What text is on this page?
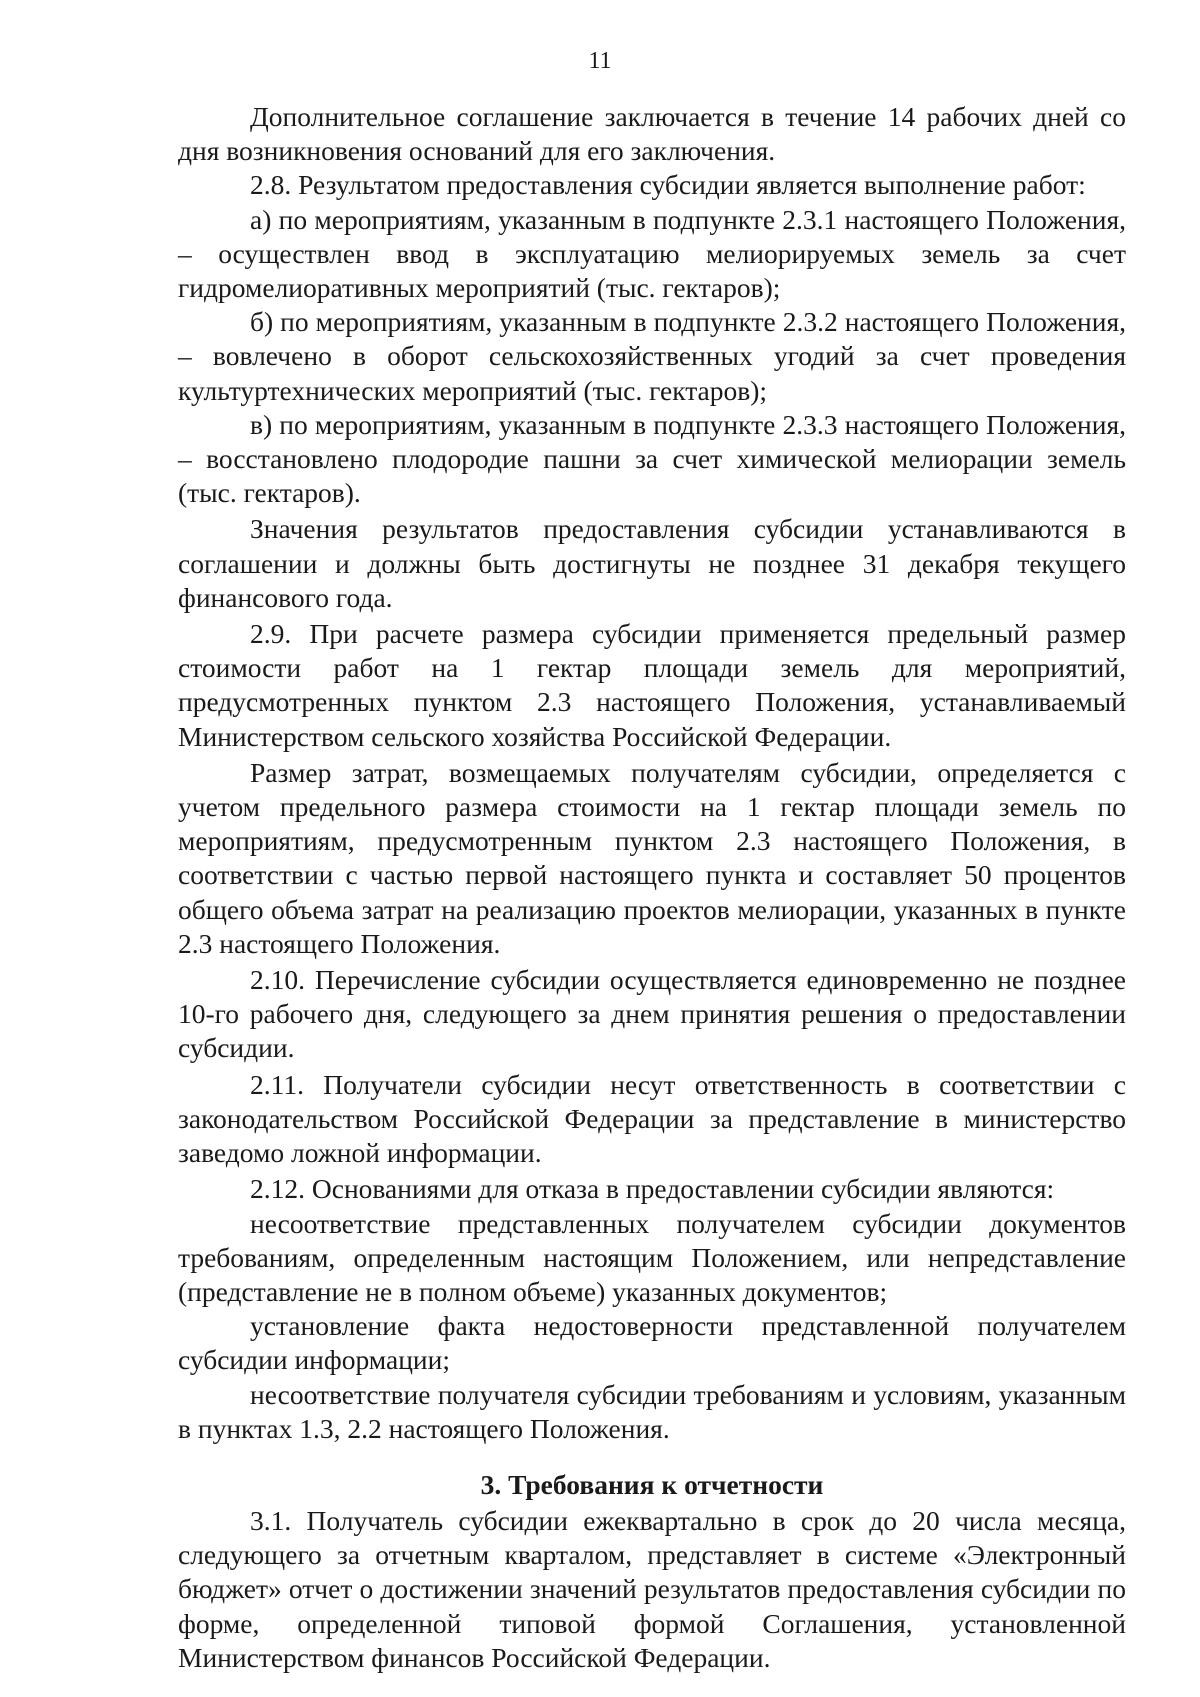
11

Дополнительное соглашение заключается в течение 14 рабочих дней со дня возникновения оснований для его заключения.

2.8. Результатом предоставления субсидии является выполнение работ:

а) по мероприятиям, указанным в подпункте 2.3.1 настоящего Положения, – осуществлен ввод в эксплуатацию мелиорируемых земель за счет гидромелиоративных мероприятий (тыс. гектаров);

б) по мероприятиям, указанным в подпункте 2.3.2 настоящего Положения, – вовлечено в оборот сельскохозяйственных угодий за счет проведения культуртехнических мероприятий (тыс. гектаров);

в) по мероприятиям, указанным в подпункте 2.3.3 настоящего Положения, – восстановлено плодородие пашни за счет химической мелиорации земель (тыс. гектаров).

Значения результатов предоставления субсидии устанавливаются в соглашении и должны быть достигнуты не позднее 31 декабря текущего финансового года.

2.9. При расчете размера субсидии применяется предельный размер стоимости работ на 1 гектар площади земель для мероприятий, предусмотренных пунктом 2.3 настоящего Положения, устанавливаемый Министерством сельского хозяйства Российской Федерации.

Размер затрат, возмещаемых получателям субсидии, определяется с учетом предельного размера стоимости на 1 гектар площади земель по мероприятиям, предусмотренным пунктом 2.3 настоящего Положения, в соответствии с частью первой настоящего пункта и составляет 50 процентов общего объема затрат на реализацию проектов мелиорации, указанных в пункте 2.3 настоящего Положения.

2.10. Перечисление субсидии осуществляется единовременно не позднее 10-го рабочего дня, следующего за днем принятия решения о предоставлении субсидии.

2.11. Получатели субсидии несут ответственность в соответствии с законодательством Российской Федерации за представление в министерство заведомо ложной информации.

2.12. Основаниями для отказа в предоставлении субсидии являются:

несоответствие представленных получателем субсидии документов требованиям, определенным настоящим Положением, или непредставление (представление не в полном объеме) указанных документов;

установление факта недостоверности представленной получателем субсидии информации;

несоответствие получателя субсидии требованиям и условиям, указанным в пунктах 1.3, 2.2 настоящего Положения.

3. Требования к отчетности

3.1. Получатель субсидии ежеквартально в срок до 20 числа месяца, следующего за отчетным кварталом, представляет в системе «Электронный бюджет» отчет о достижении значений результатов предоставления субсидии по форме, определенной типовой формой Соглашения, установленной Министерством финансов Российской Федерации.
